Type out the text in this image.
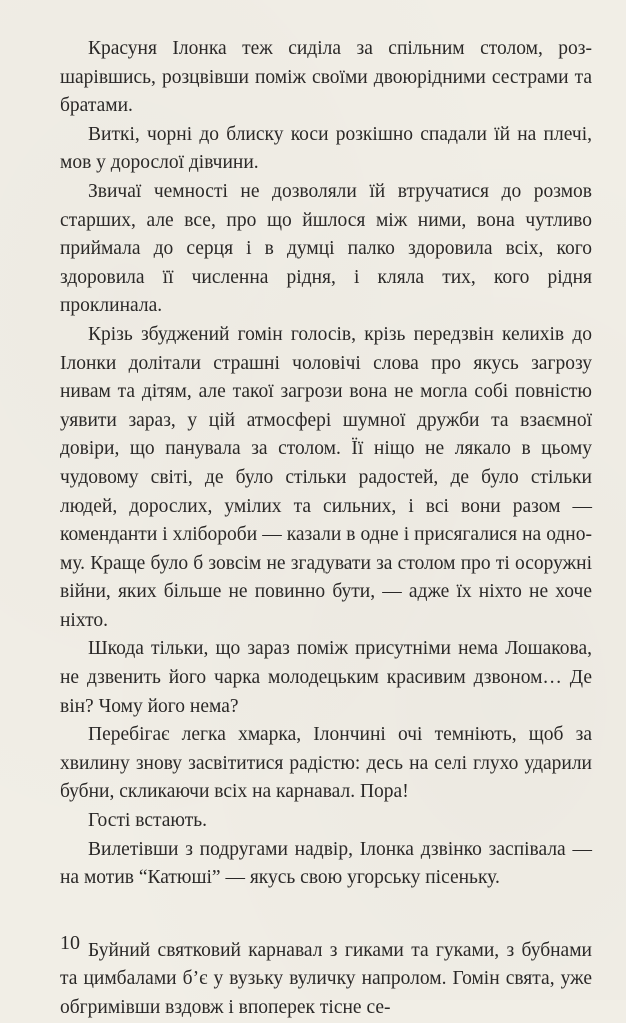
Красуня Ілонка теж сиділа за спільним столом, розшарівшись, розцвівши поміж своїми двоюрідними сестрами та братами.

Виткі, чорні до блиску коси розкішно спадали їй на плечі, мов у дорослої дівчини.

Звичаї чемності не дозволяли їй втручатися до розмов старших, але все, про що йшлося між ними, вона чутливо приймала до серця і в думці палко здоровила всіх, кого здоровила її численна рідня, і кляла тих, кого рідня проклинала.

Крізь збуджений гомін голосів, крізь передзвін келихів до Ілонки долітали страшні чоловічі слова про якусь загрозу нивам та дітям, але такої загрози вона не могла собі повністю уявити зараз, у цій атмосфері шумної дружби та взаємної довіри, що панувала за столом. Її ніщо не лякало в цьому чудовому світі, де було стільки радостей, де було стільки людей, дорослих, умілих та сильних, і всі вони разом — коменданти і хлібороби — казали в одне і присягалися на одному. Краще було б зовсім не згадувати за столом про ті осоружні війни, яких більше не повинно бути, — адже їх ніхто не хоче ніхто.

Шкода тільки, що зараз поміж присутніми нема Лошакова, не дзвенить його чарка молодецьким красивим дзвоном… Де він? Чому його нема?

Перебігає легка хмарка, Ілончині очі темніють, щоб за хвилину знову засвітитися радістю: десь на селі глухо ударили бубни, скликаючи всіх на карнавал. Пора!

Гості встають.

Вилетівши з подругами надвір, Ілонка дзвінко заспівала — на мотив “Катюші” — якусь свою угорську пісеньку.

Буйний святковий карнавал з гиками та гуками, з бубнами та цимбалами б’є у вузьку вуличку напролом. Гомін свята, уже обгримівши вздовж і впоперек тісне се-

10
